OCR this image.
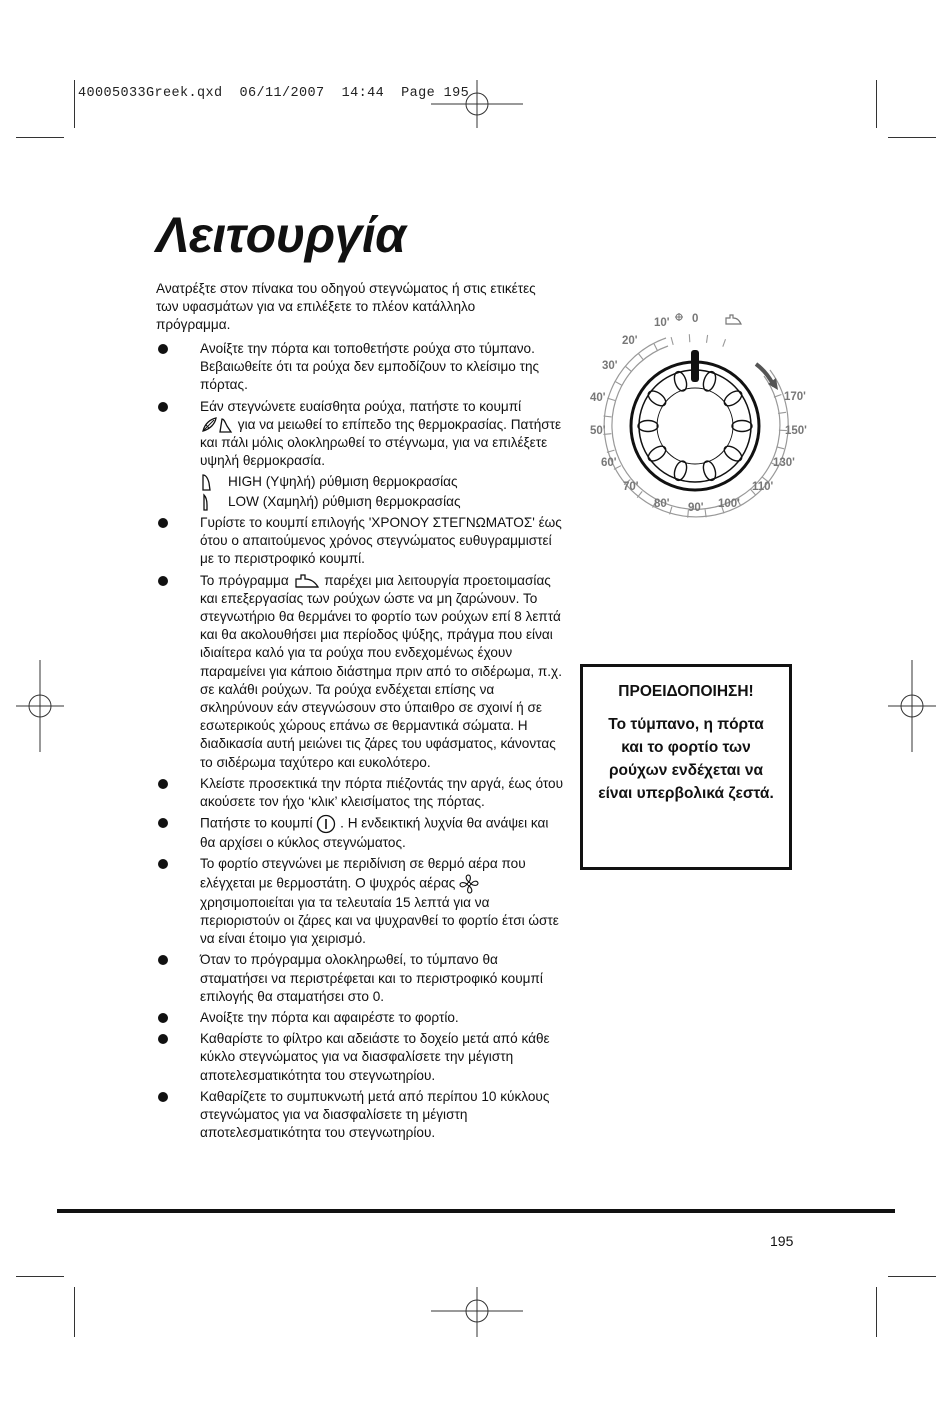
40005033Greek.qxd 06/11/2007 14:44 Page 195
Λειτουργία
Ανατρέξτε στον πίνακα του οδηγού στεγνώματος ή στις ετικέτες των υφασμάτων για να επιλέξετε το πλέον κατάλληλο πρόγραμμα.
Ανοίξτε την πόρτα και τοποθετήστε ρούχα στο τύμπανο. Βεβαιωθείτε ότι τα ρούχα δεν εμποδίζουν το κλείσιμο της πόρτας.
Εάν στεγνώνετε ευαίσθητα ρούχα, πατήστε το κουμπί
για να μειωθεί το επίπεδο της θερμοκρασίας. Πατήστε και πάλι μόλις ολοκληρωθεί το στέγνωμα, για να επιλέξετε υψηλή θερμοκρασία.
HIGH (Υψηλή) ρύθμιση θερμοκρασίας
LOW (Χαμηλή) ρύθμιση θερμοκρασίας
Γυρίστε το κουμπί επιλογής 'ΧΡΟΝΟΥ ΣΤΕΓΝΩΜΑΤΟΣ' έως ότου ο απαιτούμενος χρόνος στεγνώματος ευθυγραμμιστεί με το περιστροφικό κουμπί.
Το πρόγραμμα	παρέχει μια λειτουργία προετοιμασίας και επεξεργασίας των ρούχων ώστε να μη ζαρώνουν. Το στεγνωτήριο θα θερμάνει το φορτίο των ρούχων επί 8 λεπτά και θα ακολουθήσει μια περίοδος ψύξης, πράγμα που είναι ιδιαίτερα καλό για τα ρούχα που ενδεχομένως έχουν παραμείνει για κάποιο διάστημα πριν από το σιδέρωμα, π.χ. σε καλάθι ρούχων. Τα ρούχα ενδέχεται επίσης να σκληρύνουν εάν στεγνώσουν στο ύπαιθρο σε σχοινί ή σε εσωτερικούς χώρους επάνω σε θερμαντικά σώματα. Η διαδικασία αυτή μειώνει τις ζάρες του υφάσματος, κάνοντας το σιδέρωμα ταχύτερο και ευκολότερο.
Κλείστε προσεκτικά την πόρτα πιέζοντάς την αργά, έως ότου ακούσετε τον ήχο ‘κλικ’ κλεισίματος της πόρτας.
Πατήστε το κουμπί . Η ενδεικτική λυχνία θα ανάψει και θα αρχίσει ο κύκλος στεγνώματος.
Το φορτίο στεγνώνει με περιδίνιση σε θερμό αέρα που ελέγχεται με θερμοστάτη. Ο ψυχρός αέρας  χρησιμοποιείται για τα τελευταία 15 λεπτά για να περιοριστούν οι ζάρες και να ψυχρανθεί το φορτίο έτσι ώστε να είναι έτοιμο για χειρισμό.
Όταν το πρόγραμμα ολοκληρωθεί, το τύμπανο θα σταματήσει να περιστρέφεται και το περιστροφικό κουμπί επιλογής θα σταματήσει στο 0.
Ανοίξτε την πόρτα και αφαιρέστε το φορτίο.
Καθαρίστε το φίλτρο και αδειάστε το δοχείο μετά από κάθε κύκλο στεγνώματος για να διασφαλίσετε την μέγιστη αποτελεσματικότητα του στεγνωτηρίου.
Καθαρίζετε το συμπυκνωτή μετά από περίπου 10 κύκλους στεγνώματος για να διασφαλίσετε τη μέγιστη αποτελεσματικότητα του στεγνωτηρίου.
10' 0
20'
30'
40'
50'
60'
70'
80' 90' 100'
110'
130'
150'
170'
ΠΡΟΕΙΔΟΠΟΙΗΣΗ!
Το τύμπανο, η πόρτα και το φορτίο των ρούχων ενδέχεται να είναι υπερβολικά ζεστά.
195
